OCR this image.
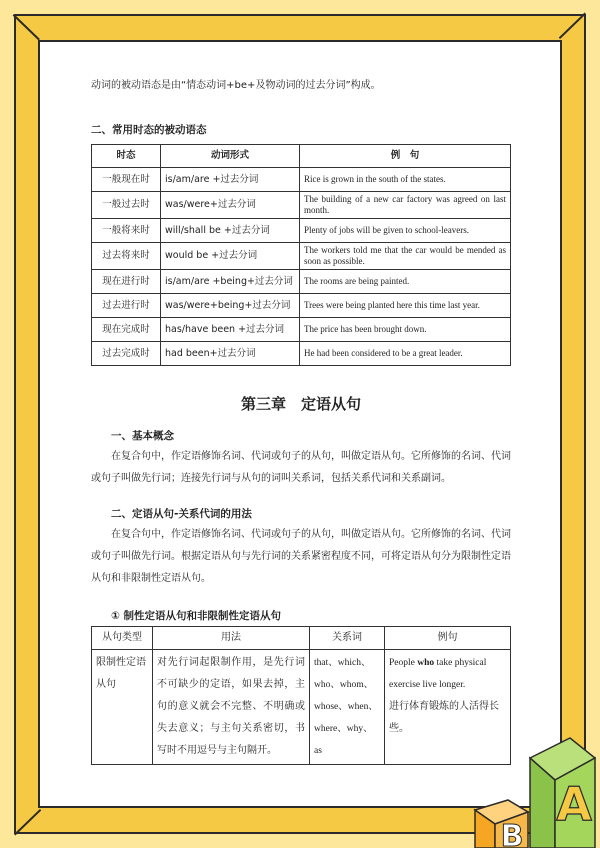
动词的被动语态是由“情态动词+be+及物动词的过去分词”构成。

二、常用时态的被动语态

时态	动词形式	例　句
一般现在时	is/am/are +过去分词	Rice is grown in the south of the states.
一般过去时	was/were+过去分词	The building of a new car factory was agreed on last month.
一般将来时	will/shall be +过去分词	Plenty of jobs will be given to school-leavers.
过去将来时	would be +过去分词	The workers told me that the car would be mended as soon as possible.
现在进行时	is/am/are +being+过去分词	The rooms are being painted.
过去进行时	was/were+being+过去分词	Trees were being planted here this time last year.
现在完成时	has/have been +过去分词	The price has been brought down.
过去完成时	had been+过去分词	He had been considered to be a great leader.

第三章　定语从句

一、基本概念

在复合句中，作定语修饰名词、代词或句子的从句，叫做定语从句。它所修饰的名词、代词或句子叫做先行词；连接先行词与从句的词叫关系词，包括关系代词和关系副词。

二、定语从句-关系代词的用法

在复合句中，作定语修饰名词、代词或句子的从句，叫做定语从句。它所修饰的名词、代词或句子叫做先行词。根据定语从句与先行词的关系紧密程度不同，可将定语从句分为限制性定语从句和非限制性定语从句。

① 制性定语从句和非限制性定语从句

从句类型	用法	关系词	例句
限制性定语从句	对先行词起限制作用，是先行词不可缺少的定语，如果去掉，主句的意义就会不完整、不明确或失去意义；与主句关系密切，书写时不用逗号与主句隔开。	that、which、who、whom、whose、when、where、why、as	People who take physical exercise live longer.
进行体育锻炼的人活得长些。
A
B
